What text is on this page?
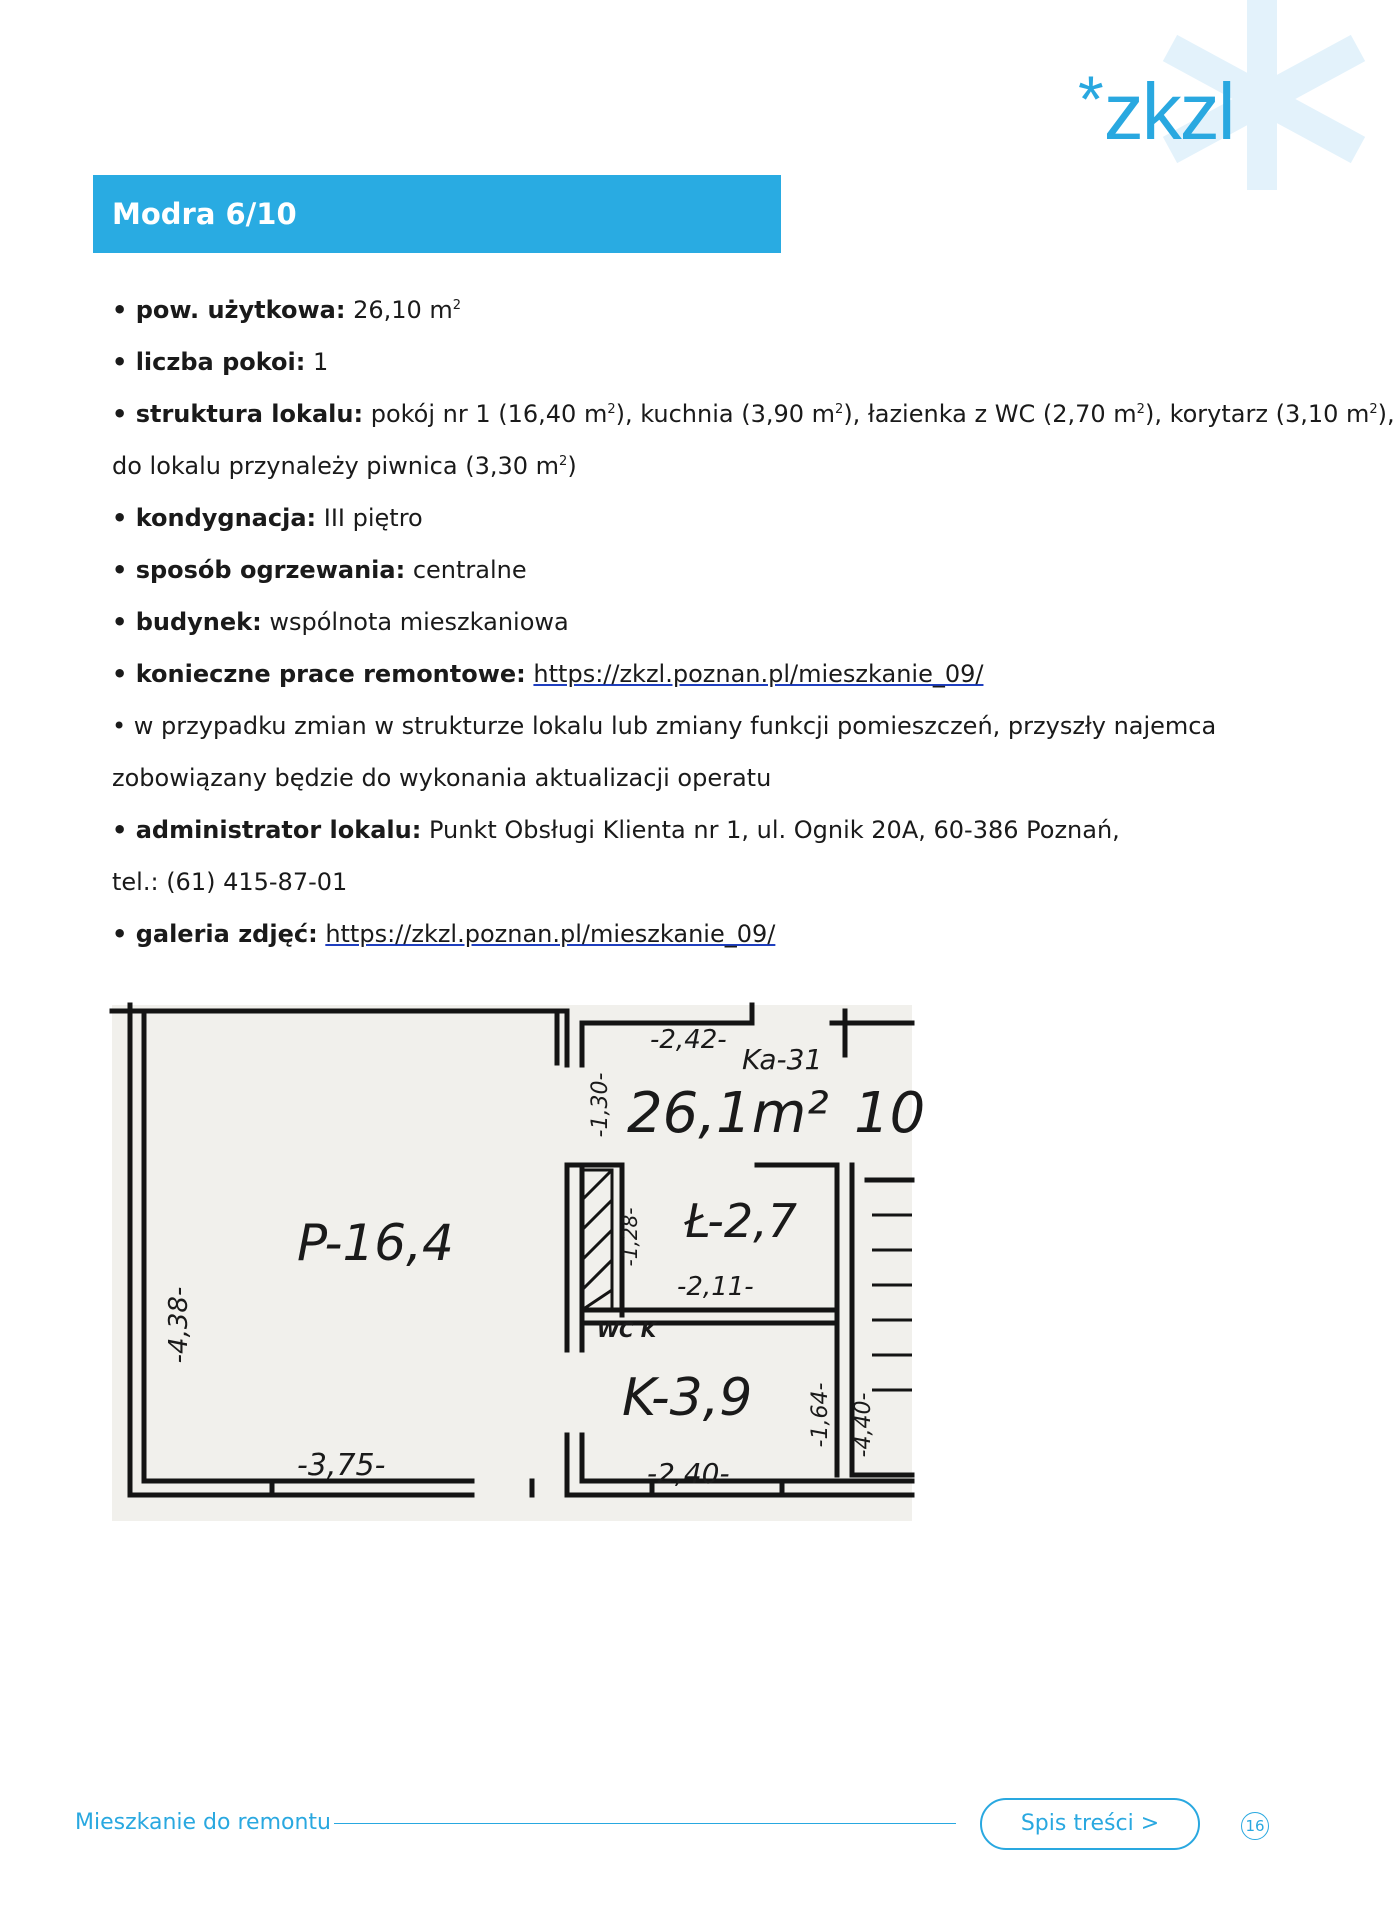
*zkzl
Modra 6/10

• pow. użytkowa: 26,10 $m^2$

• liczba pokoi: 1

• struktura lokalu: pokój nr 1 (16,40 $m^2$), kuchnia (3,90 $m^2$), łazienka z WC (2,70 $m^2$), korytarz (3,10 $m^2$),

do lokalu przynależy piwnica (3,30 $m^2$)

• kondygnacja: III piętro

• sposób ogrzewania: centralne

• budynek: wspólnota mieszkaniowa

• konieczne prace remontowe: https://zkzl.poznan.pl/mieszkanie_09/

• w przypadku zmian w strukturze lokalu lub zmiany funkcji pomieszczeń, przyszły najemca

zobowiązany będzie do wykonania aktualizacji operatu

• administrator lokalu: Punkt Obsługi Klienta nr 1, ul. Ognik 20A, 60-386 Poznań,

tel.: (61) 415-87-01

• galeria zdjęć: https://zkzl.poznan.pl/mieszkanie_09/

26,1m² 10
Ka-31
P-16,4	Ł-2,7
K-3,9
WC K
-2,42-
-2,11-
-3,75-	-2,40-
-4,38-
-1,30-
-1,28-
-1,64- -4,40-
Mieszkanie do remontu	Spis treści >	16
